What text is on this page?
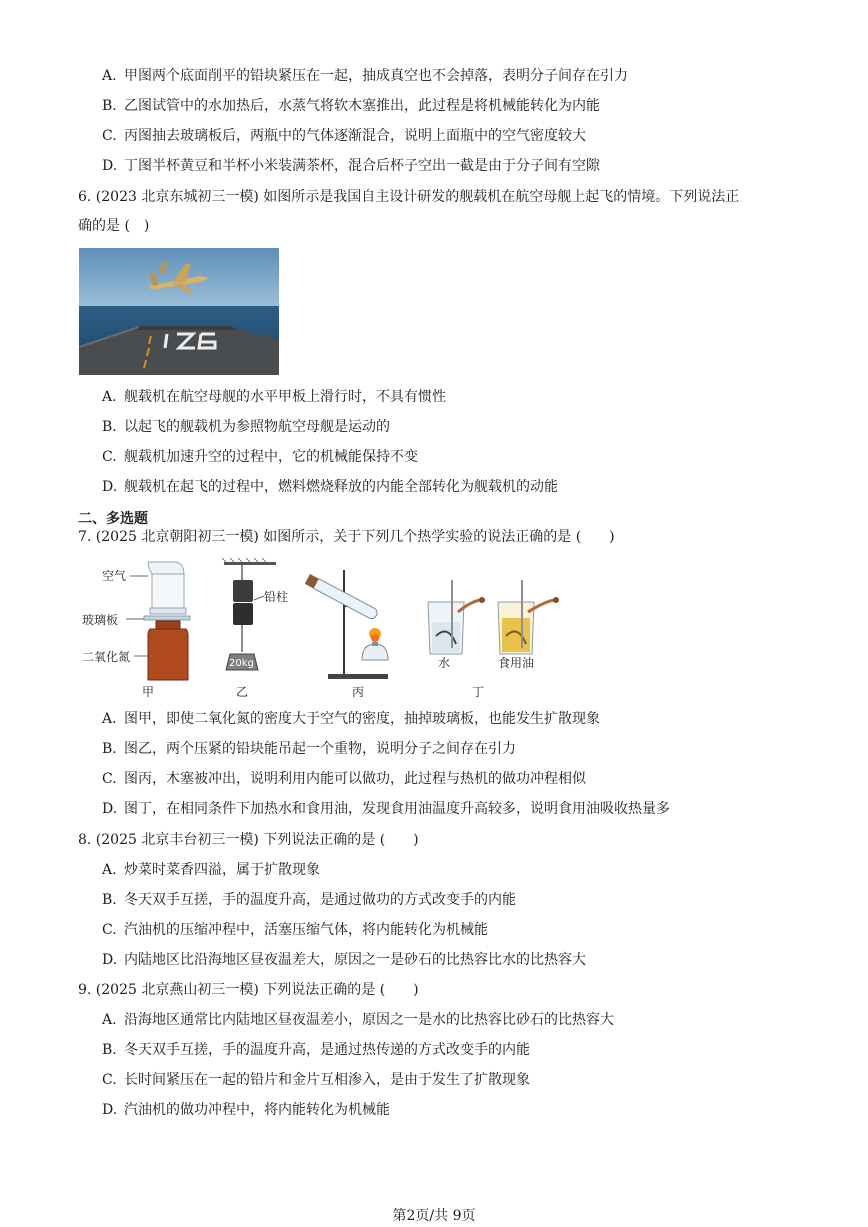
A. 甲图两个底面削平的铅块紧压在一起，抽成真空也不会掉落，表明分子间存在引力
B. 乙图试管中的水加热后，水蒸气将软木塞推出，此过程是将机械能转化为内能
C. 丙图抽去玻璃板后，两瓶中的气体逐渐混合，说明上面瓶中的空气密度较大
D. 丁图半杯黄豆和半杯小米装满茶杯，混合后杯子空出一截是由于分子间有空隙
6. (2023 北京东城初三一模) 如图所示是我国自主设计研发的舰载机在航空母舰上起飞的情境。下列说法正
确的是 (　)
A. 舰载机在航空母舰的水平甲板上滑行时，不具有惯性
B. 以起飞的舰载机为参照物航空母舰是运动的
C. 舰载机加速升空的过程中，它的机械能保持不变
D. 舰载机在起飞的过程中，燃料燃烧释放的内能全部转化为舰载机的动能
二、多选题
7. (2025 北京朝阳初三一模) 如图所示，关于下列几个热学实验的说法正确的是 (　　)
空气
玻璃板
二氧化氮
甲
20kg
铅柱
乙	丙
水	食用油
丁
A. 图甲，即使二氧化氮的密度大于空气的密度，抽掉玻璃板，也能发生扩散现象
B. 图乙，两个压紧的铅块能吊起一个重物，说明分子之间存在引力
C. 图丙，木塞被冲出，说明利用内能可以做功，此过程与热机的做功冲程相似
D. 图丁，在相同条件下加热水和食用油，发现食用油温度升高较多，说明食用油吸收热量多
8. (2025 北京丰台初三一模) 下列说法正确的是 (　　)
A. 炒菜时菜香四溢，属于扩散现象
B. 冬天双手互搓，手的温度升高，是通过做功的方式改变手的内能
C. 汽油机的压缩冲程中，活塞压缩气体，将内能转化为机械能
D. 内陆地区比沿海地区昼夜温差大，原因之一是砂石的比热容比水的比热容大
9. (2025 北京燕山初三一模) 下列说法正确的是 (　　)
A. 沿海地区通常比内陆地区昼夜温差小，原因之一是水的比热容比砂石的比热容大
B. 冬天双手互搓，手的温度升高，是通过热传递的方式改变手的内能
C. 长时间紧压在一起的铅片和金片互相渗入，是由于发生了扩散现象
D. 汽油机的做功冲程中，将内能转化为机械能
第2页/共 9页
